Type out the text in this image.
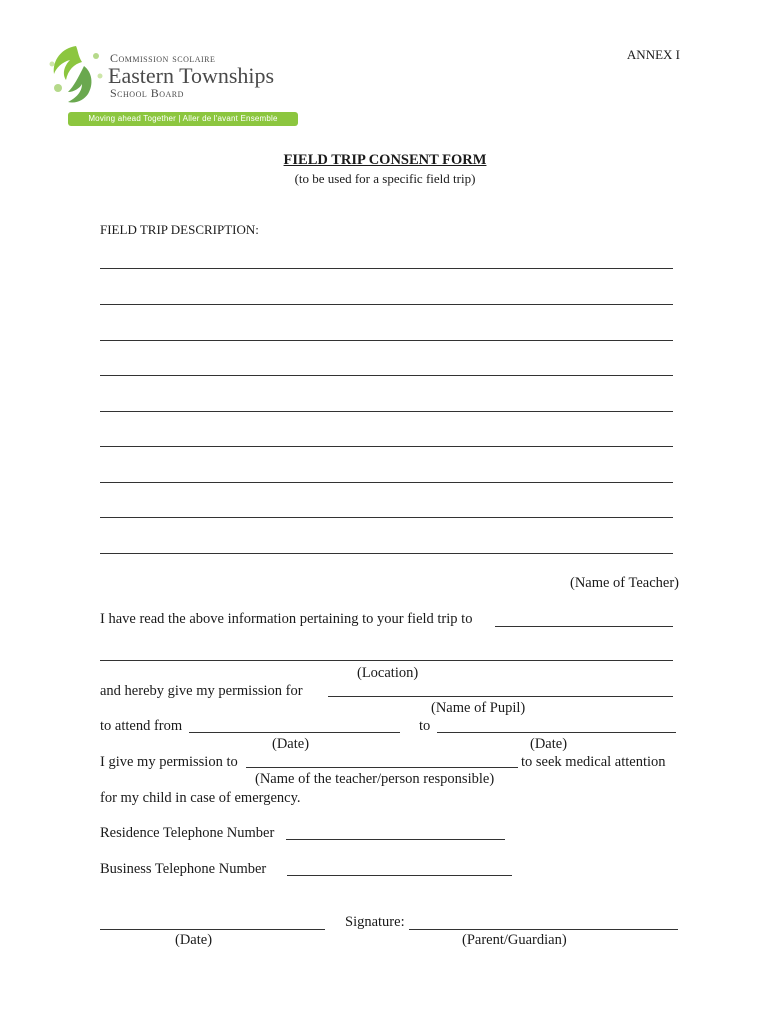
Commission scolaire
Eastern Townships
School Board
Moving ahead Together | Aller de l'avant Ensemble
ANNEX I
FIELD TRIP CONSENT FORM
(to be used for a specific field trip)
FIELD TRIP DESCRIPTION:
(Name of Teacher)
I have read the above information pertaining to your field trip to
(Location)
and hereby give my permission for
(Name of Pupil)
to attend from	to
(Date)	(Date)
I give my permission to	to seek medical attention
(Name of the teacher/person responsible)
for my child in case of emergency.
Residence Telephone Number
Business Telephone Number
Signature:
(Date)	(Parent/Guardian)
